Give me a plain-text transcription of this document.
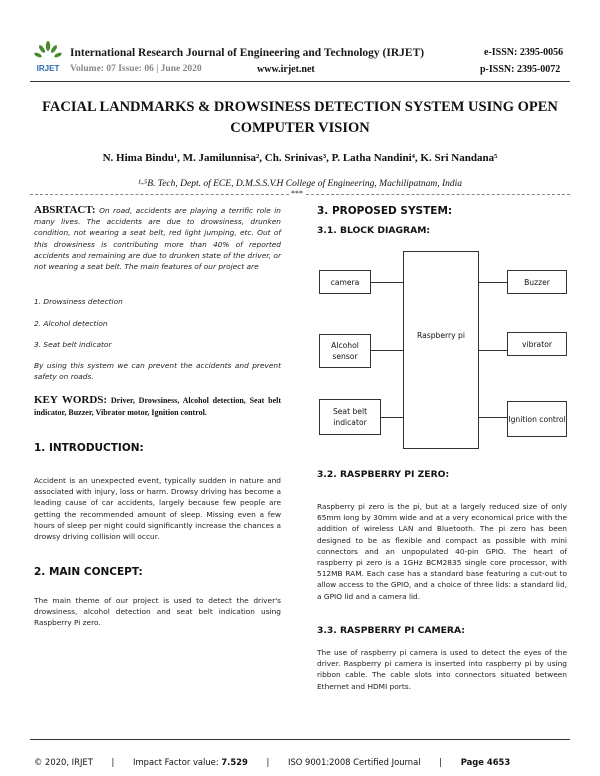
IRJET
International Research Journal of Engineering and Technology (IRJET)	e-ISSN: 2395-0056
Volume: 07 Issue: 06 | June 2020	www.irjet.net	p-ISSN: 2395-0072
FACIAL LANDMARKS & DROWSINESS DETECTION SYSTEM USING OPEN COMPUTER VISION
N. Hima Bindu¹, M. Jamilunnisa², Ch. Srinivas³, P. Latha Nandini⁴, K. Sri Nandana⁵
¹-⁵B. Tech, Dept. of ECE, D.M.S.S.V.H College of Engineering, Machilipatnam, India
***
ABSRTACT: On road, accidents are playing a terrific role in many lives. The accidents are due to drowsiness, drunken condition, not wearing a seat belt, red light jumping, etc. Out of this drowsiness is contributing more than 40% of reported accidents and remaining are due to drunken state of the driver, or not wearing a seat belt. The main features of our project are
1. Drowsiness detection
2. Alcohol detection
3. Seat belt indicator
By using this system we can prevent the accidents and prevent safety on roads.
KEY WORDS: Driver, Drowsiness, Alcohol detection, Seat belt indicator, Buzzer, Vibrator motor, Ignition control.
1. INTRODUCTION:
Accident is an unexpected event, typically sudden in nature and associated with injury, loss or harm. Drowsy driving has become a leading cause of car accidents, largely because few people are getting the recommended amount of sleep. Missing even a few hours of sleep per night could significantly increase the chances a drowsy driving collision will occur.
2. MAIN CONCEPT:
The main theme of our project is used to detect the driver's drowsiness, alcohol detection and seat belt indication using Raspberry Pi zero.
3. PROPOSED SYSTEM:
3.1. BLOCK DIAGRAM:
Raspberry pi
camera
Alcohol sensor
Seat belt indicator
Buzzer
vibrator
Ignition control
3.2. RASPBERRY PI ZERO:
Raspberry pi zero is the pi, but at a largely reduced size of only 65mm long by 30mm wide and at a very economical price with the addition of wireless LAN and Bluetooth. The pi zero has been designed to be as flexible and compact as possible with mini connectors and an unpopulated 40-pin GPIO. The heart of raspberry pi zero is a 1GHz BCM2835 single core processor, with 512MB RAM. Each case has a standard base featuring a cut-out to allow access to the GPIO, and a choice of three lids: a standard lid, a GPIO lid and a camera lid.
3.3. RASPBERRY PI CAMERA:
The use of raspberry pi camera is used to detect the eyes of the driver. Raspberry pi camera is inserted into raspberry pi by using ribbon cable. The cable slots into connectors situated between Ethernet and HDMI ports.
© 2020, IRJET | Impact Factor value: 7.529 | ISO 9001:2008 Certified Journal | Page 4653
